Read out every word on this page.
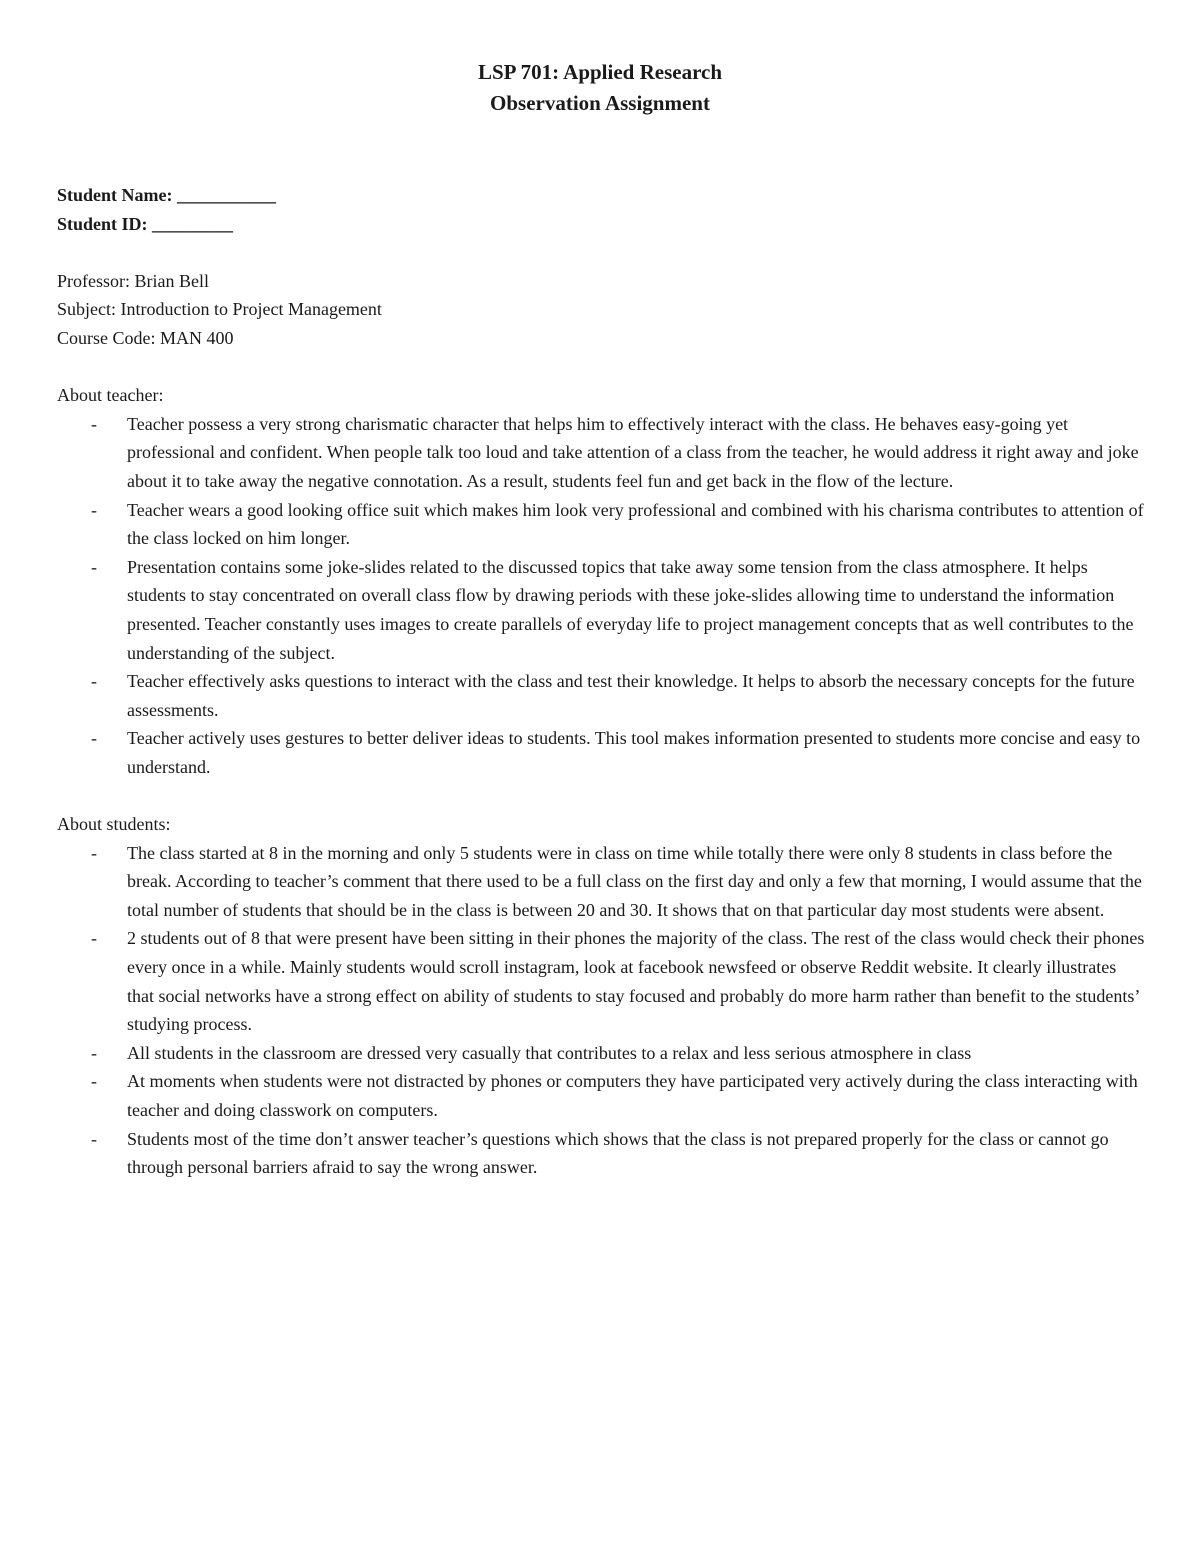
LSP 701: Applied Research
Observation Assignment
Student Name: ___________
Student ID: _________
Professor: Brian Bell
Subject: Introduction to Project Management
Course Code: MAN 400
About teacher:
- Teacher possess a very strong charismatic character that helps him to effectively interact with the class. He behaves easy-going yet professional and confident. When people talk too loud and take attention of a class from the teacher, he would address it right away and joke about it to take away the negative connotation. As a result, students feel fun and get back in the flow of the lecture.
- Teacher wears a good looking office suit which makes him look very professional and combined with his charisma contributes to attention of the class locked on him longer.
- Presentation contains some joke-slides related to the discussed topics that take away some tension from the class atmosphere. It helps students to stay concentrated on overall class flow by drawing periods with these joke-slides allowing time to understand the information presented. Teacher constantly uses images to create parallels of everyday life to project management concepts that as well contributes to the understanding of the subject.
- Teacher effectively asks questions to interact with the class and test their knowledge. It helps to absorb the necessary concepts for the future assessments.
- Teacher actively uses gestures to better deliver ideas to students. This tool makes information presented to students more concise and easy to understand.
About students:
- The class started at 8 in the morning and only 5 students were in class on time while totally there were only 8 students in class before the break. According to teacher’s comment that there used to be a full class on the first day and only a few that morning, I would assume that the total number of students that should be in the class is between 20 and 30. It shows that on that particular day most students were absent.
- 2 students out of 8 that were present have been sitting in their phones the majority of the class. The rest of the class would check their phones every once in a while. Mainly students would scroll instagram, look at facebook newsfeed or observe Reddit website. It clearly illustrates that social networks have a strong effect on ability of students to stay focused and probably do more harm rather than benefit to the students’ studying process.
- All students in the classroom are dressed very casually that contributes to a relax and less serious atmosphere in class
- At moments when students were not distracted by phones or computers they have participated very actively during the class interacting with teacher and doing classwork on computers.
- Students most of the time don’t answer teacher’s questions which shows that the class is not prepared properly for the class or cannot go through personal barriers afraid to say the wrong answer.
